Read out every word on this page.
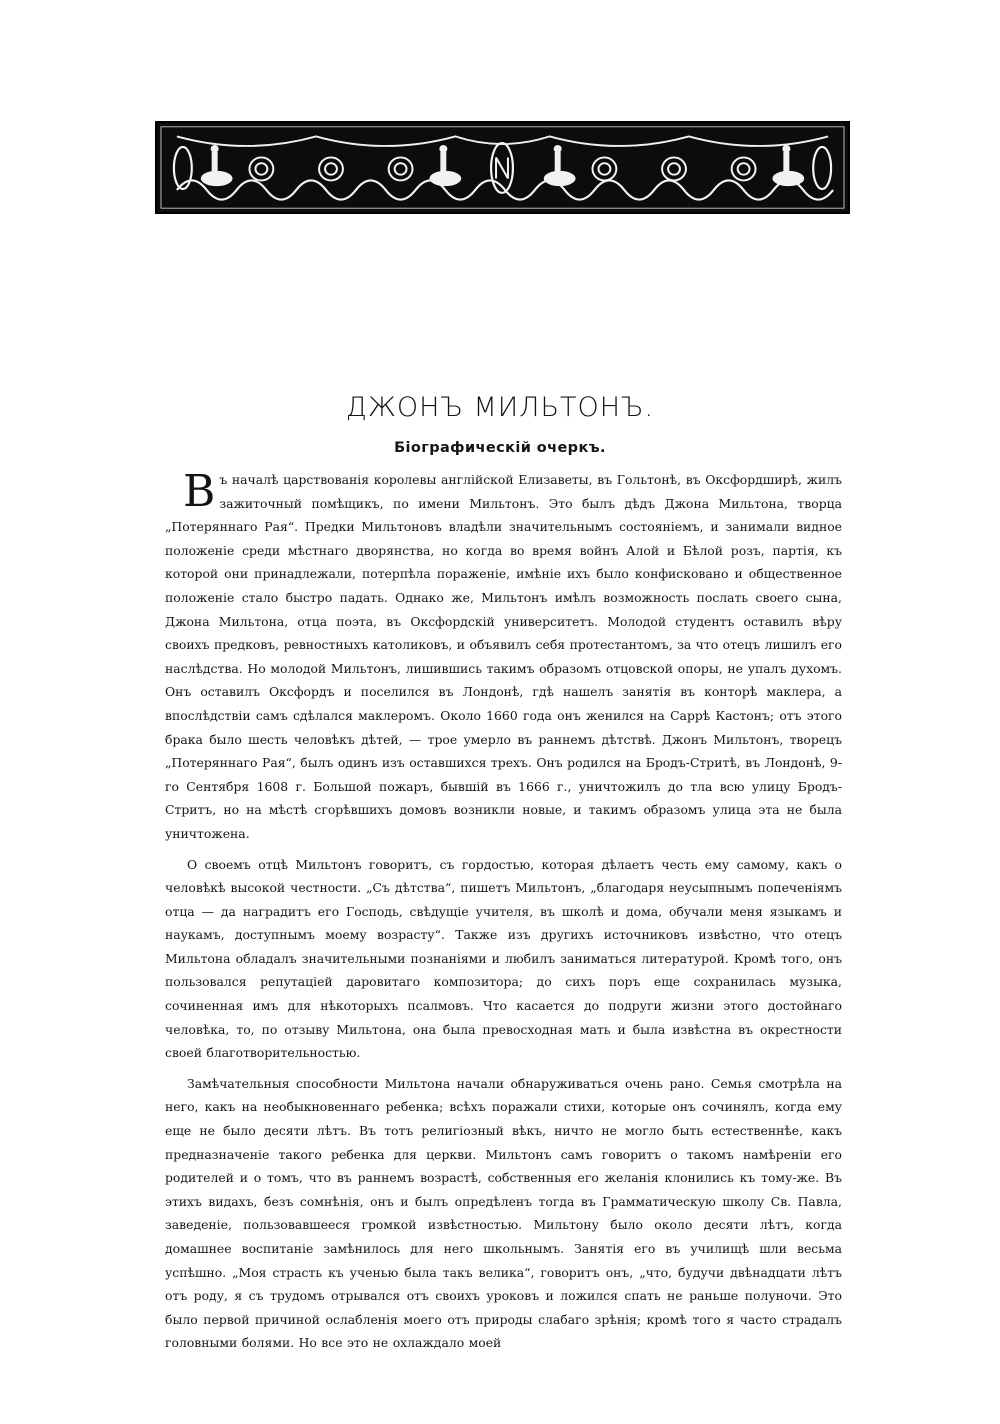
ДЖОНЪ МИЛЬТОНЪ.
Біографическій очеркъ.

Въ началѣ царствованія королевы англійской Елизаветы, въ Гольтонѣ, въ Оксфордширѣ, жилъ зажиточный помѣщикъ, по имени Мильтонъ. Это былъ дѣдъ Джона Мильтона, творца „Потеряннаго Рая“. Предки Мильтоновъ владѣли значительнымъ состояніемъ, и занимали видное положеніе среди мѣстнаго дворянства, но когда во время войнъ Алой и Бѣлой розъ, партія, къ которой они принадлежали, потерпѣла пораженіе, имѣніе ихъ было конфисковано и общественное положеніе стало быстро падать. Однако же, Мильтонъ имѣлъ возможность послать своего сына, Джона Мильтона, отца поэта, въ Оксфордскій университетъ. Молодой студентъ оставилъ вѣру своихъ предковъ, ревностныхъ католиковъ, и объявилъ себя протестантомъ, за что отецъ лишилъ его наслѣдства. Но молодой Мильтонъ, лишившись такимъ образомъ отцовской опоры, не упалъ духомъ. Онъ оставилъ Оксфордъ и поселился въ Лондонѣ, гдѣ нашелъ занятія въ конторѣ маклера, а впослѣдствіи самъ сдѣлался маклеромъ. Около 1660 года онъ женился на Саррѣ Кастонъ; отъ этого брака было шесть человѣкъ дѣтей, — трое умерло въ раннемъ дѣтствѣ. Джонъ Мильтонъ, творецъ „Потеряннаго Рая“, былъ одинъ изъ оставшихся трехъ. Онъ родился на Бродъ-Стритѣ, въ Лондонѣ, 9-го Сентября 1608 г. Большой пожаръ, бывшій въ 1666 г., уничтожилъ до тла всю улицу Бродъ-Стритъ, но на мѣстѣ сгорѣвшихъ домовъ возникли новые, и такимъ образомъ улица эта не была уничтожена.

О своемъ отцѣ Мильтонъ говоритъ, съ гордостью, которая дѣлаетъ честь ему самому, какъ о человѣкѣ высокой честности. „Съ дѣтства“, пишетъ Мильтонъ, „благодаря неусыпнымъ попеченіямъ отца — да наградитъ его Господь, свѣдущіе учителя, въ школѣ и дома, обучали меня языкамъ и наукамъ, доступнымъ моему возрасту“. Также изъ другихъ источниковъ извѣстно, что отецъ Мильтона обладалъ значительными познаніями и любилъ заниматься литературой. Кромѣ того, онъ пользовался репутаціей даровитаго композитора; до сихъ поръ еще сохранилась музыка, сочиненная имъ для нѣкоторыхъ псалмовъ. Что касается до подруги жизни этого достойнаго человѣка, то, по отзыву Мильтона, она была превосходная мать и была извѣстна въ окрестности своей благотворительностью.

Замѣчательныя способности Мильтона начали обнаруживаться очень рано. Семья смотрѣла на него, какъ на необыкновеннаго ребенка; всѣхъ поражали стихи, которые онъ сочинялъ, когда ему еще не было десяти лѣтъ. Въ тотъ религіозный вѣкъ, ничто не могло быть естественнѣе, какъ предназначеніе такого ребенка для церкви. Мильтонъ самъ говоритъ о такомъ намѣреніи его родителей и о томъ, что въ раннемъ возрастѣ, собственныя его желанія клонились къ тому-же. Въ этихъ видахъ, безъ сомнѣнія, онъ и былъ опредѣленъ тогда въ Грамматическую школу Св. Павла, заведеніе, пользовавшееся громкой извѣстностью. Мильтону было около десяти лѣтъ, когда домашнее воспитаніе замѣнилось для него школьнымъ. Занятія его въ училищѣ шли весьма успѣшно. „Моя страсть къ ученью была такъ велика“, говоритъ онъ, „что, будучи двѣнадцати лѣтъ отъ роду, я съ трудомъ отрывался отъ своихъ уроковъ и ложился спать не раньше полуночи. Это было первой причиной ослабленія моего отъ природы слабаго зрѣнія; кромѣ того я часто страдалъ головными болями. Но все это не охлаждало моей
